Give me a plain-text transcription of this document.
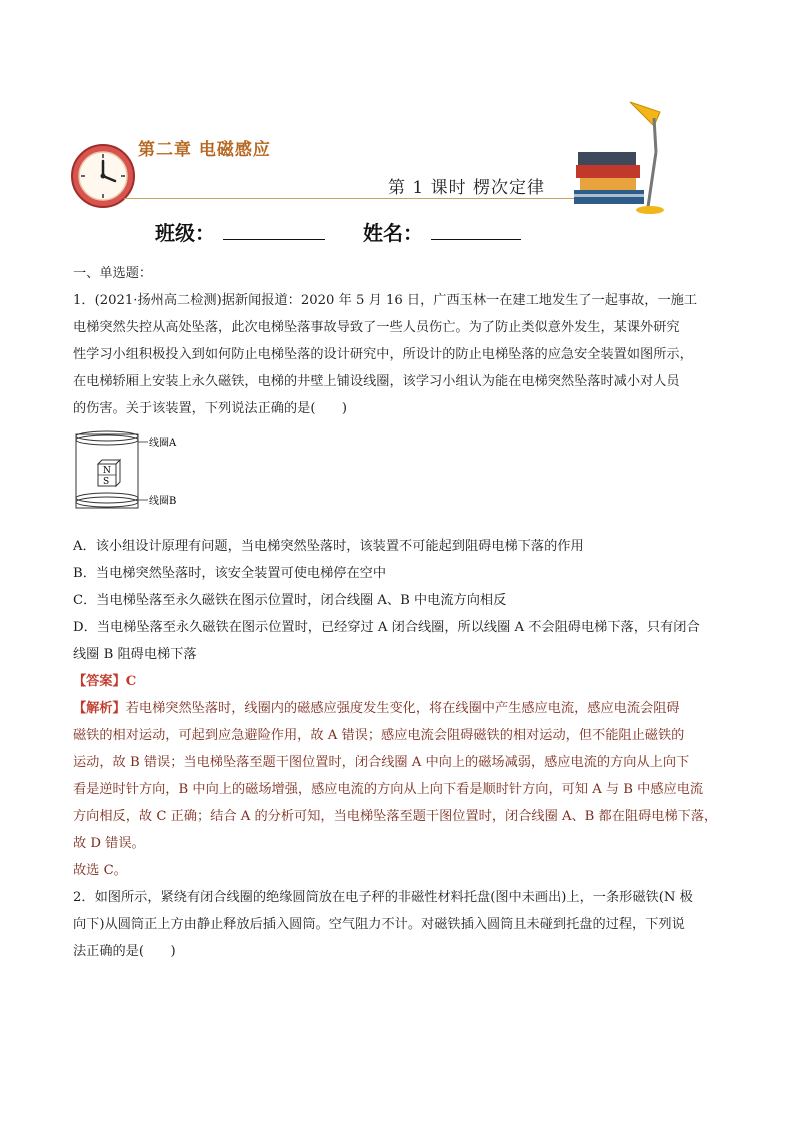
第二章 电磁感应
第 1 课时 楞次定律
班级：	姓名：
一、单选题：
1．(2021·扬州高二检测)据新闻报道：2020 年 5 月 16 日，广西玉林一在建工地发生了一起事故，一施工
电梯突然失控从高处坠落，此次电梯坠落事故导致了一些人员伤亡。为了防止类似意外发生，某课外研究
性学习小组积极投入到如何防止电梯坠落的设计研究中，所设计的防止电梯坠落的应急安全装置如图所示，
在电梯轿厢上安装上永久磁铁，电梯的井壁上铺设线圈，该学习小组认为能在电梯突然坠落时减小对人员
的伤害。关于该装置，下列说法正确的是(　　)
N
S
线圈A
线圈B
A．该小组设计原理有问题，当电梯突然坠落时，该装置不可能起到阻碍电梯下落的作用
B．当电梯突然坠落时，该安全装置可使电梯停在空中
C．当电梯坠落至永久磁铁在图示位置时，闭合线圈 A、B 中电流方向相反
D．当电梯坠落至永久磁铁在图示位置时，已经穿过 A 闭合线圈，所以线圈 A 不会阻碍电梯下落，只有闭合
线圈 B 阻碍电梯下落
【答案】C
【解析】若电梯突然坠落时，线圈内的磁感应强度发生变化，将在线圈中产生感应电流，感应电流会阻碍
磁铁的相对运动，可起到应急避险作用，故 A 错误；感应电流会阻碍磁铁的相对运动，但不能阻止磁铁的
运动，故 B 错误；当电梯坠落至题干图位置时，闭合线圈 A 中向上的磁场减弱，感应电流的方向从上向下
看是逆时针方向，B 中向上的磁场增强，感应电流的方向从上向下看是顺时针方向，可知 A 与 B 中感应电流
方向相反，故 C 正确；结合 A 的分析可知，当电梯坠落至题干图位置时，闭合线圈 A、B 都在阻碍电梯下落，
故 D 错误。
故选 C。
2．如图所示，紧绕有闭合线圈的绝缘圆筒放在电子秤的非磁性材料托盘(图中未画出)上，一条形磁铁(N 极
向下)从圆筒正上方由静止释放后插入圆筒。空气阻力不计。对磁铁插入圆筒且未碰到托盘的过程，下列说
法正确的是(　　)
